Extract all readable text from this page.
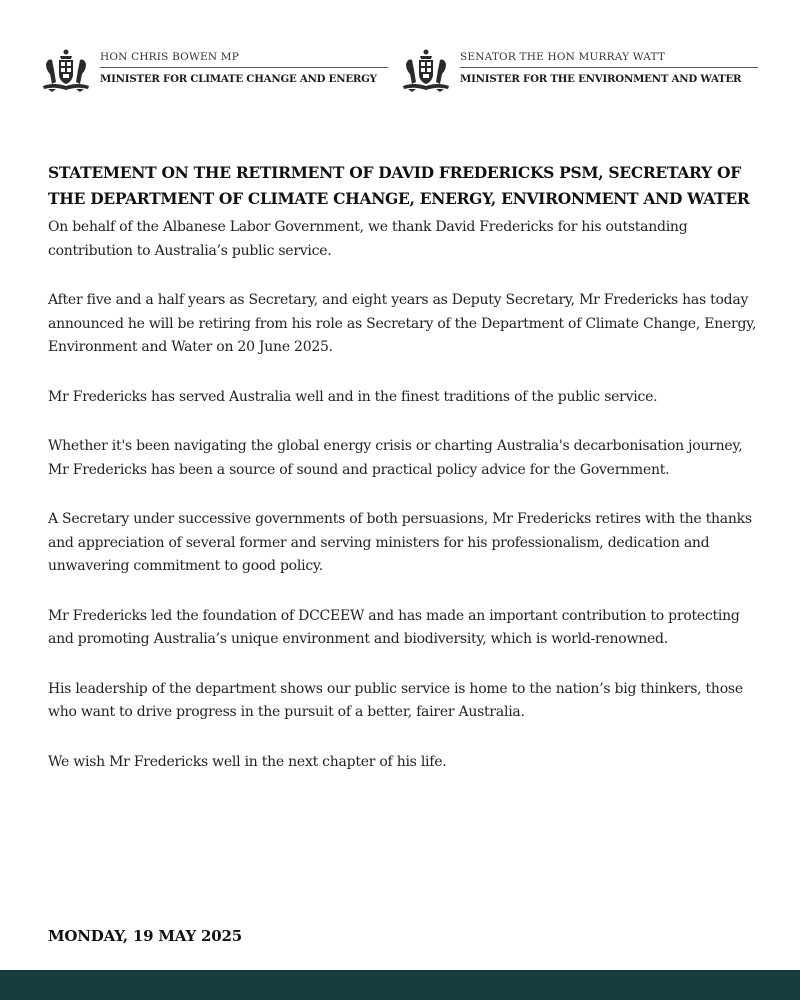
HON CHRIS BOWEN MP
MINISTER FOR CLIMATE CHANGE AND ENERGY
SENATOR THE HON MURRAY WATT
MINISTER FOR THE ENVIRONMENT AND WATER
STATEMENT ON THE RETIRMENT OF DAVID FREDERICKS PSM, SECRETARY OF THE DEPARTMENT OF CLIMATE CHANGE, ENERGY, ENVIRONMENT AND WATER

On behalf of the Albanese Labor Government, we thank David Fredericks for his outstanding contribution to Australia’s public service.

After five and a half years as Secretary, and eight years as Deputy Secretary, Mr Fredericks has today announced he will be retiring from his role as Secretary of the Department of Climate Change, Energy, Environment and Water on 20 June 2025.

Mr Fredericks has served Australia well and in the finest traditions of the public service.

Whether it's been navigating the global energy crisis or charting Australia's decarbonisation journey, Mr Fredericks has been a source of sound and practical policy advice for the Government.

A Secretary under successive governments of both persuasions, Mr Fredericks retires with the thanks and appreciation of several former and serving ministers for his professionalism, dedication and unwavering commitment to good policy.

Mr Fredericks led the foundation of DCCEEW and has made an important contribution to protecting and promoting Australia’s unique environment and biodiversity, which is world-renowned.

His leadership of the department shows our public service is home to the nation’s big thinkers, those who want to drive progress in the pursuit of a better, fairer Australia.

We wish Mr Fredericks well in the next chapter of his life.

MONDAY, 19 MAY 2025
